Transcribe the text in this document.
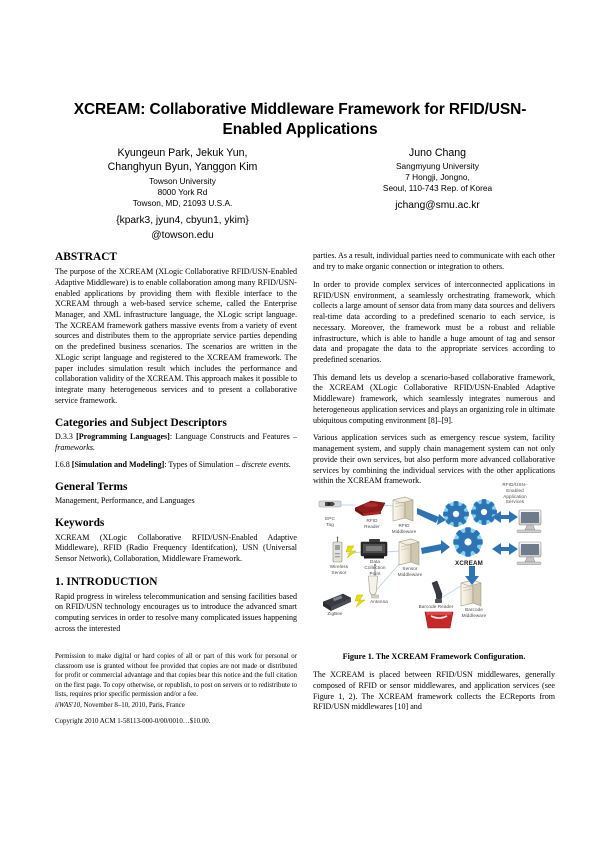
XCREAM: Collaborative Middleware Framework for RFID/USN-Enabled Applications
Kyungeun Park, Jekuk Yun,
Changhyun Byun, Yanggon Kim
Towson University
8000 York Rd
Towson, MD, 21093 U.S.A.
{kpark3, jyun4, cbyun1, ykim}
@towson.edu
Juno Chang
Sangmyung University
7 Hongji, Jongno,
Seoul, 110-743 Rep. of Korea
jchang@smu.ac.kr
ABSTRACT

The purpose of the XCREAM (XLogic Collaborative RFID/USN-Enabled Adaptive Middleware) is to enable collaboration among many RFID/USN-enabled applications by providing them with flexible interface to the XCREAM through a web-based service scheme, called the Enterprise Manager, and XML infrastructure language, the XLogic script language. The XCREAM framework gathers massive events from a variety of event sources and distributes them to the appropriate service parties depending on the predefined business scenarios. The scenarios are written in the XLogic script language and registered to the XCREAM framework. The paper includes simulation result which includes the performance and collaboration validity of the XCREAM. This approach makes it possible to integrate many heterogeneous services and to present a collaborative service framework.

Categories and Subject Descriptors

D.3.3 [Programming Languages]: Language Constructs and Features – frameworks.

I.6.8 [Simulation and Modeling]: Types of Simulation – discrete events.

General Terms

Management, Performance, and Languages

Keywords

XCREAM (XLogic Collaborative RFID/USN-Enabled Adaptive Middleware), RFID (Radio Frequency Identifcation), USN (Universal Sensor Network), Collaboration, Middleware Framework.

1. INTRODUCTION

Rapid progress in wireless telecommunication and sensing facilities based on RFID/USN technology encourages us to introduce the advanced smart computing services in order to resolve many complicated issues happening across the interested

Permission to make digital or hard copies of all or part of this work for personal or classroom use is granted without fee provided that copies are not made or distributed for profit or commercial advantage and that copies bear this notice and the full citation on the first page. To copy otherwise, or republish, to post on servers or to redistribute to lists, requires prior specific permission and/or a fee.

iiWAS'10, November 8–10, 2010, Paris, France

Copyright 2010 ACM 1-58113-000-0/00/0010…$10.00.

parties. As a result, individual parties need to communicate with each other and try to make organic connection or integration to others.

In order to provide complex services of interconnected applications in RFID/USN environment, a seamlessly orchestrating framework, which collects a large amount of sensor data from many data sources and delivers real-time data according to a predefined scenario to each service, is necessary. Moreover, the framework must be a robust and reliable infrastructure, which is able to handle a huge amount of tag and sensor data and propagate the data to the appropriate services according to predefined scenarios.

This demand lets us develop a scenario-based collaborative framework, the XCREAM (XLogic Collaborative RFID/USN-Enabled Adaptive Middleware) framework, which seamlessly integrates numerous and heterogeneous application services and plays an organizing role in ultimate ubiquitous computing environment [8]–[9].

Various application services such as emergency rescue system, facility management system, and supply chain management system can not only provide their own services, but also perform more advanced collaborative services by combining the individual services with the other applications within the XCREAM framework.

EPC
Tag
RFID
Reader	RFID
Middleware
Wireless
Sensor
Data
Collection
Point
Sensor
Middleware
ZigBee
Antenna
Barcode Reader
Barcode
Middleware
RFID/USN–
Enabled
Application
Services
XCREAM
Figure 1. The XCREAM Framework Configuration.

The XCREAM is placed between RFID/USN middlewares, generally composed of RFID or sensor middlewares, and application services (see Figure 1, 2). The XCREAM framework collects the ECReports from RFID/USN middlewares [10] and
